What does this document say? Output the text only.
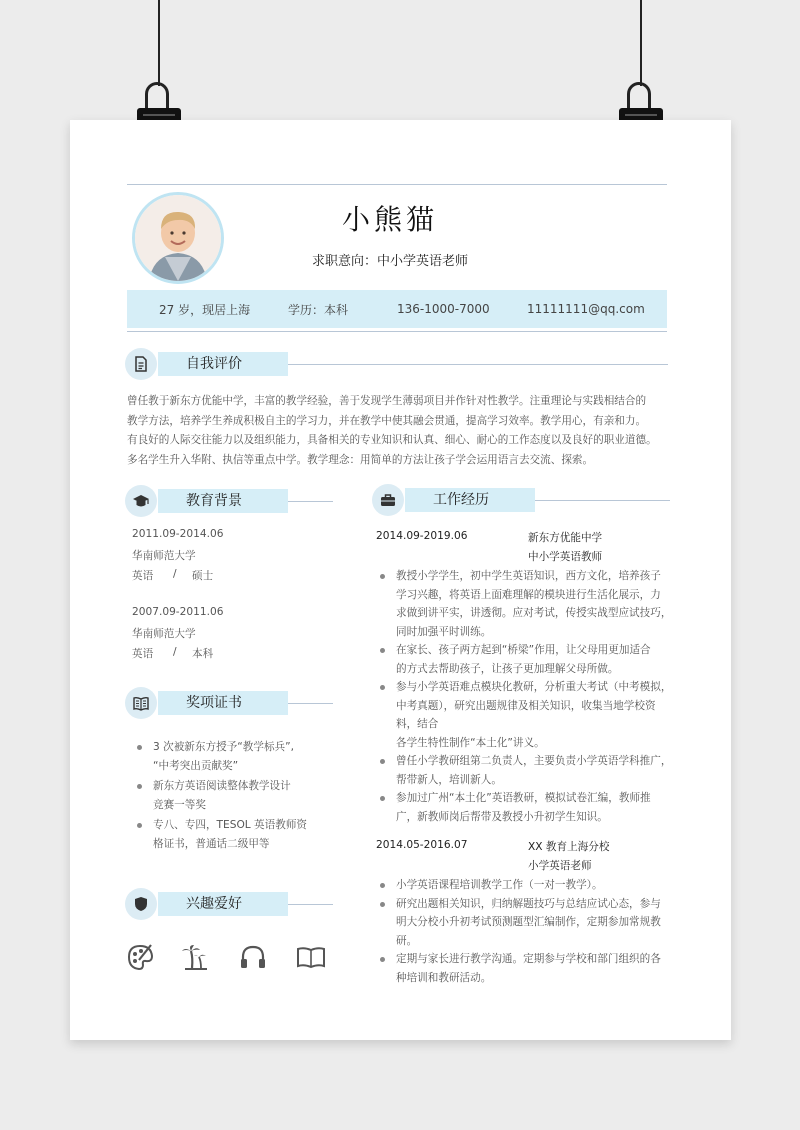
小熊猫
求职意向：中小学英语老师
27 岁，现居上海	学历：本科	136-1000-7000	11111111@qq.com
自我评价
曾任教于新东方优能中学，丰富的教学经验，善于发现学生薄弱项目并作针对性教学。注重理论与实践相结合的
教学方法，培养学生养成积极自主的学习力，并在教学中使其融会贯通，提高学习效率。教学用心，有亲和力。
有良好的人际交往能力以及组织能力，具备相关的专业知识和认真、细心、耐心的工作态度以及良好的职业道德。
多名学生升入华附、执信等重点中学。教学理念：用简单的方法让孩子学会运用语言去交流、探索。
教育背景
2011.09-2014.06
华南师范大学
英语 / 硕士
2007.09-2011.06
华南师范大学
英语 / 本科
奖项证书
3 次被新东方授予“教学标兵”,
“中考突出贡献奖”
新东方英语阅读整体教学设计
竞赛一等奖
专八、专四，TESOL 英语教师资
格证书，普通话二级甲等
兴趣爱好
工作经历
2014.09-2019.06	新东方优能中学
中小学英语教师
教授小学学生，初中学生英语知识，西方文化，培养孩子
学习兴趣，将英语上面难理解的模块进行生活化展示，力
求做到讲平实，讲透彻。应对考试，传授实战型应试技巧，
同时加强平时训练。
在家长、孩子两方起到“桥梁”作用，让父母用更加适合
的方式去帮助孩子，让孩子更加理解父母所做。
参与小学英语难点模块化教研，分析重大考试（中考模拟，
中考真题），研究出题规律及相关知识，收集当地学校资料，结合
各学生特性制作“本土化”讲义。
曾任小学教研组第二负责人，主要负责小学英语学科推广，
帮带新人，培训新人。
参加过广州“本土化”英语教研，模拟试卷汇编，教师推
广，新教师岗后帮带及教授小升初学生知识。
2014.05-2016.07	XX 教育上海分校
小学英语老师
小学英语课程培训教学工作（一对一教学）。
研究出题相关知识，归纳解题技巧与总结应试心态，参与
明大分校小升初考试预测题型汇编制作，定期参加常规教
研。
定期与家长进行教学沟通。定期参与学校和部门组织的各
种培训和教研活动。
